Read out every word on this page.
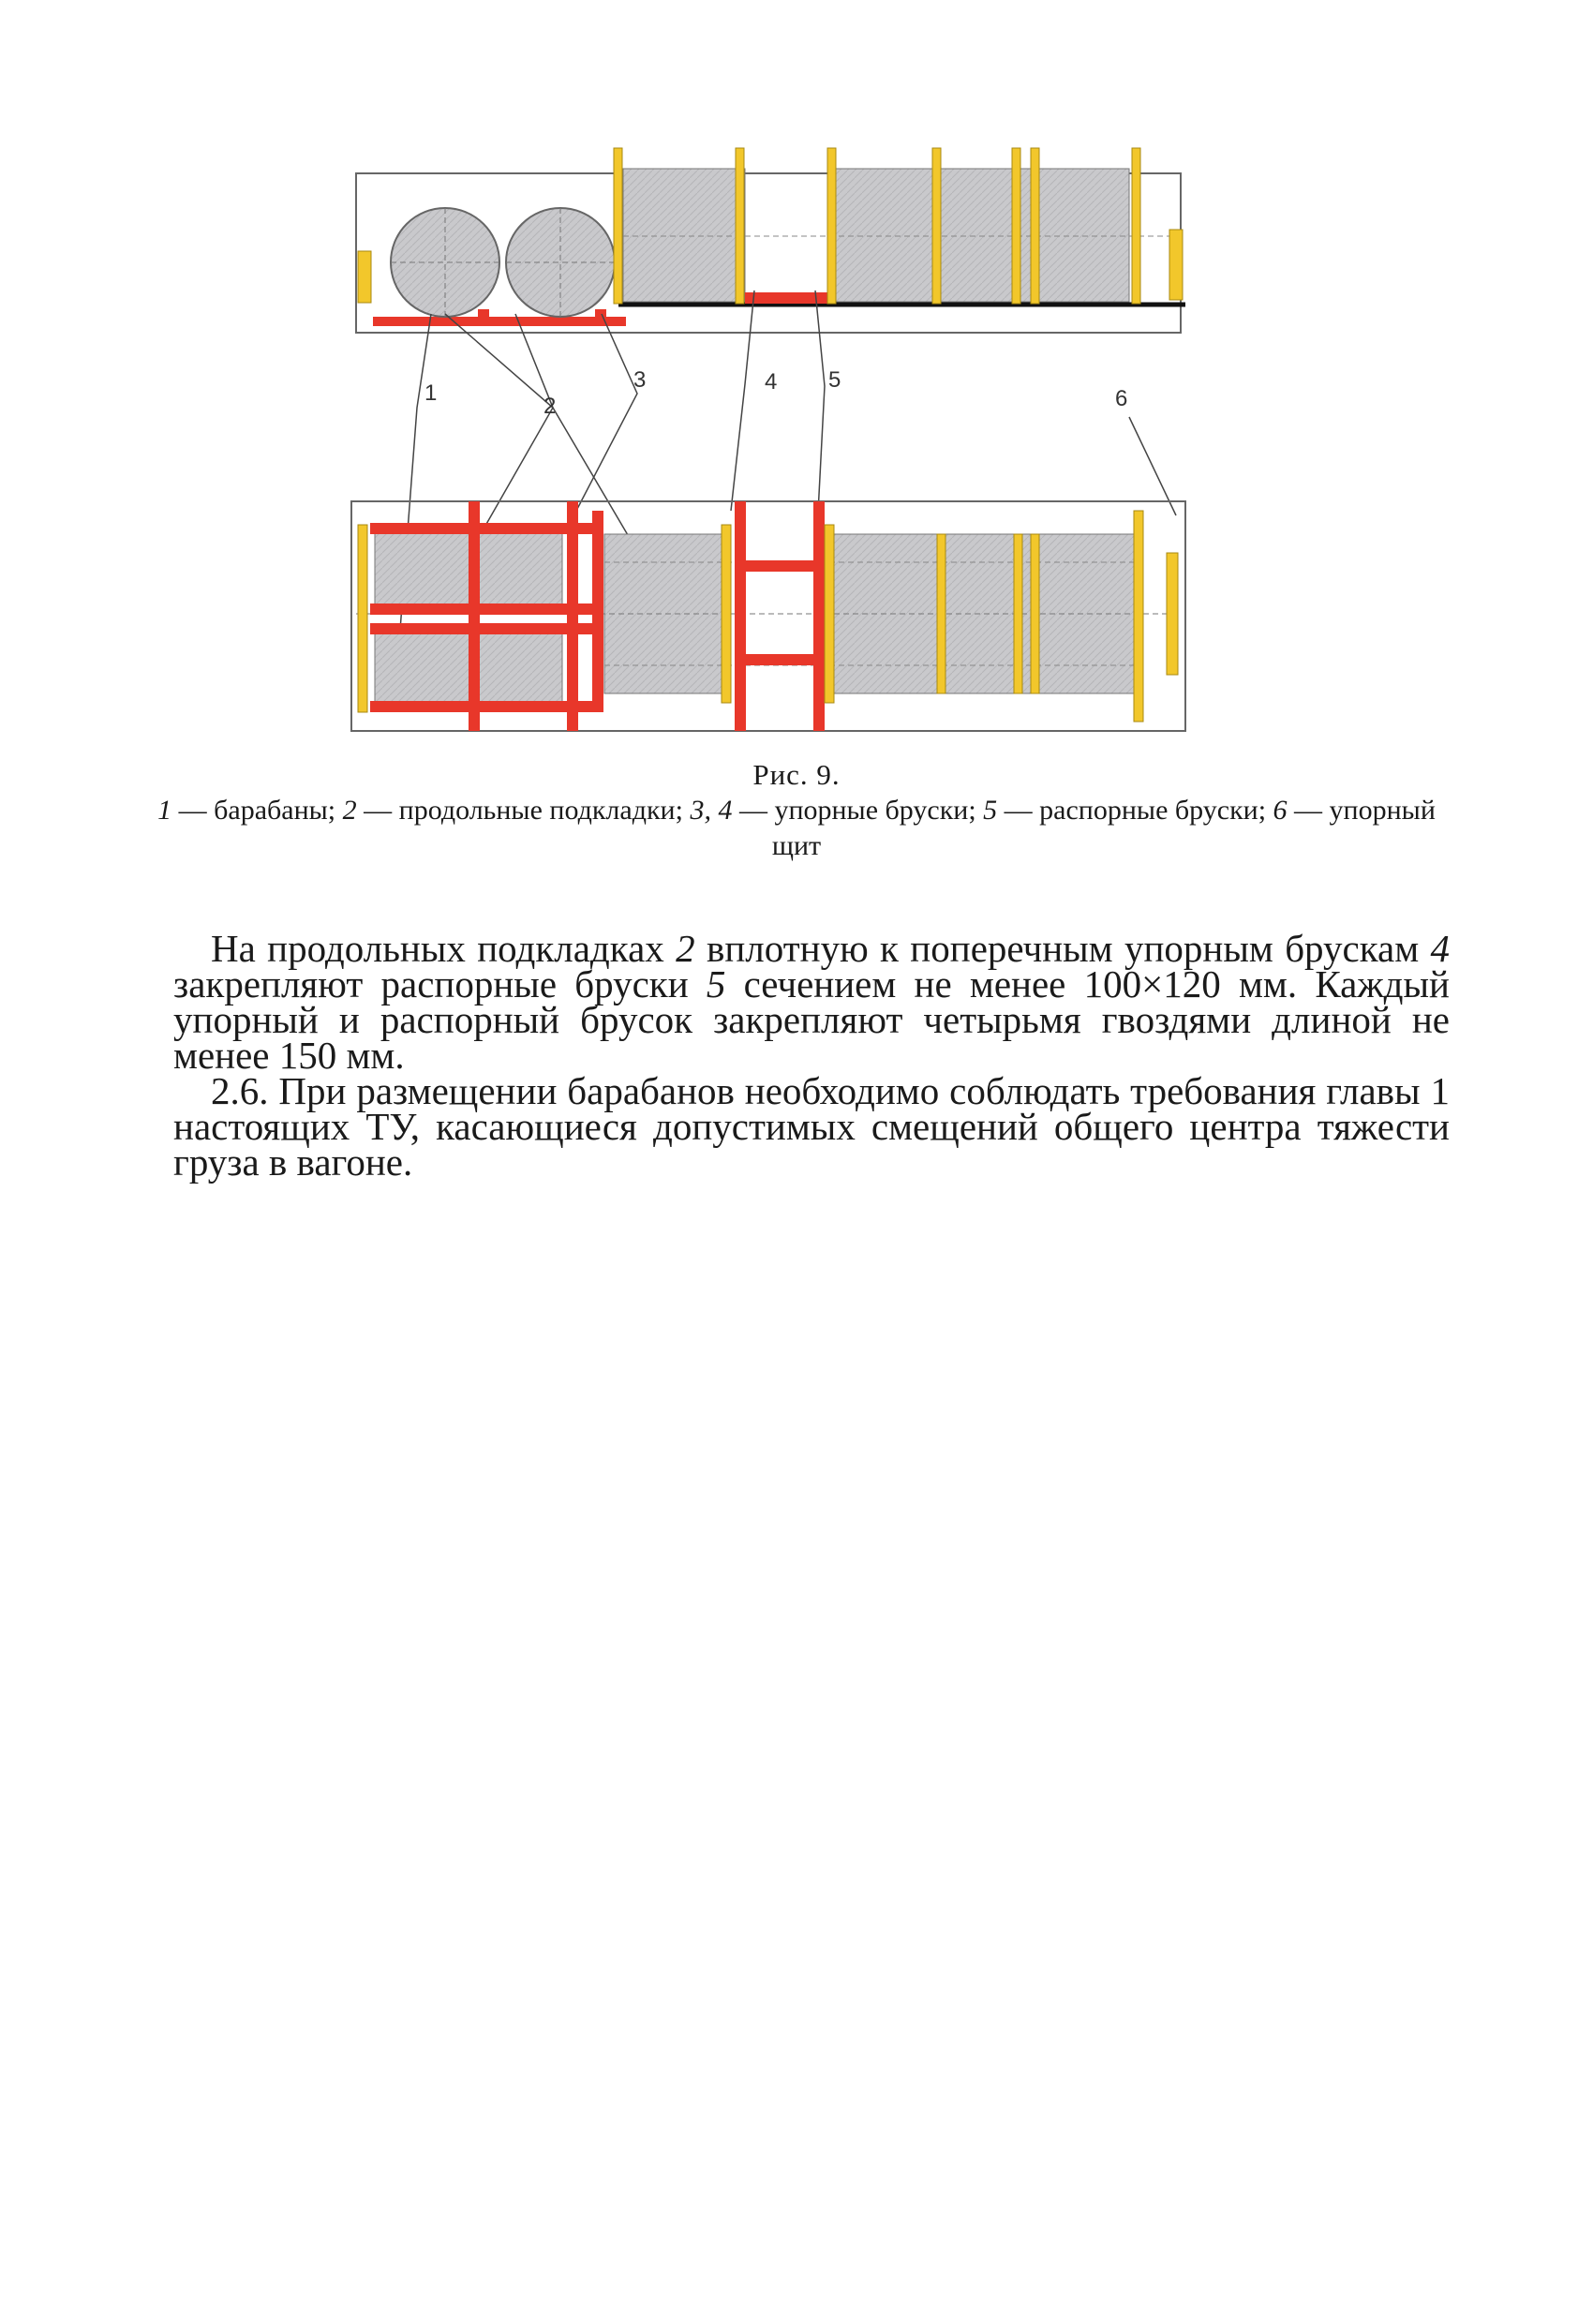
1
2
3	4 5
6
Рис. 9.
1 — барабаны; 2 — продольные подкладки; 3, 4 — упорные бруски; 5 — распорные бруски; 6 — упорный щит

На продольных подкладках 2 вплотную к поперечным упорным брускам 4 закрепляют распорные бруски 5 сечением не менее 100×120 мм. Каждый упорный и распорный брусок закрепляют четырьмя гвоздями длиной не менее 150 мм.

2.6. При размещении барабанов необходимо соблюдать требования главы 1 настоящих ТУ, касающиеся допустимых смещений общего центра тяжести груза в вагоне.
